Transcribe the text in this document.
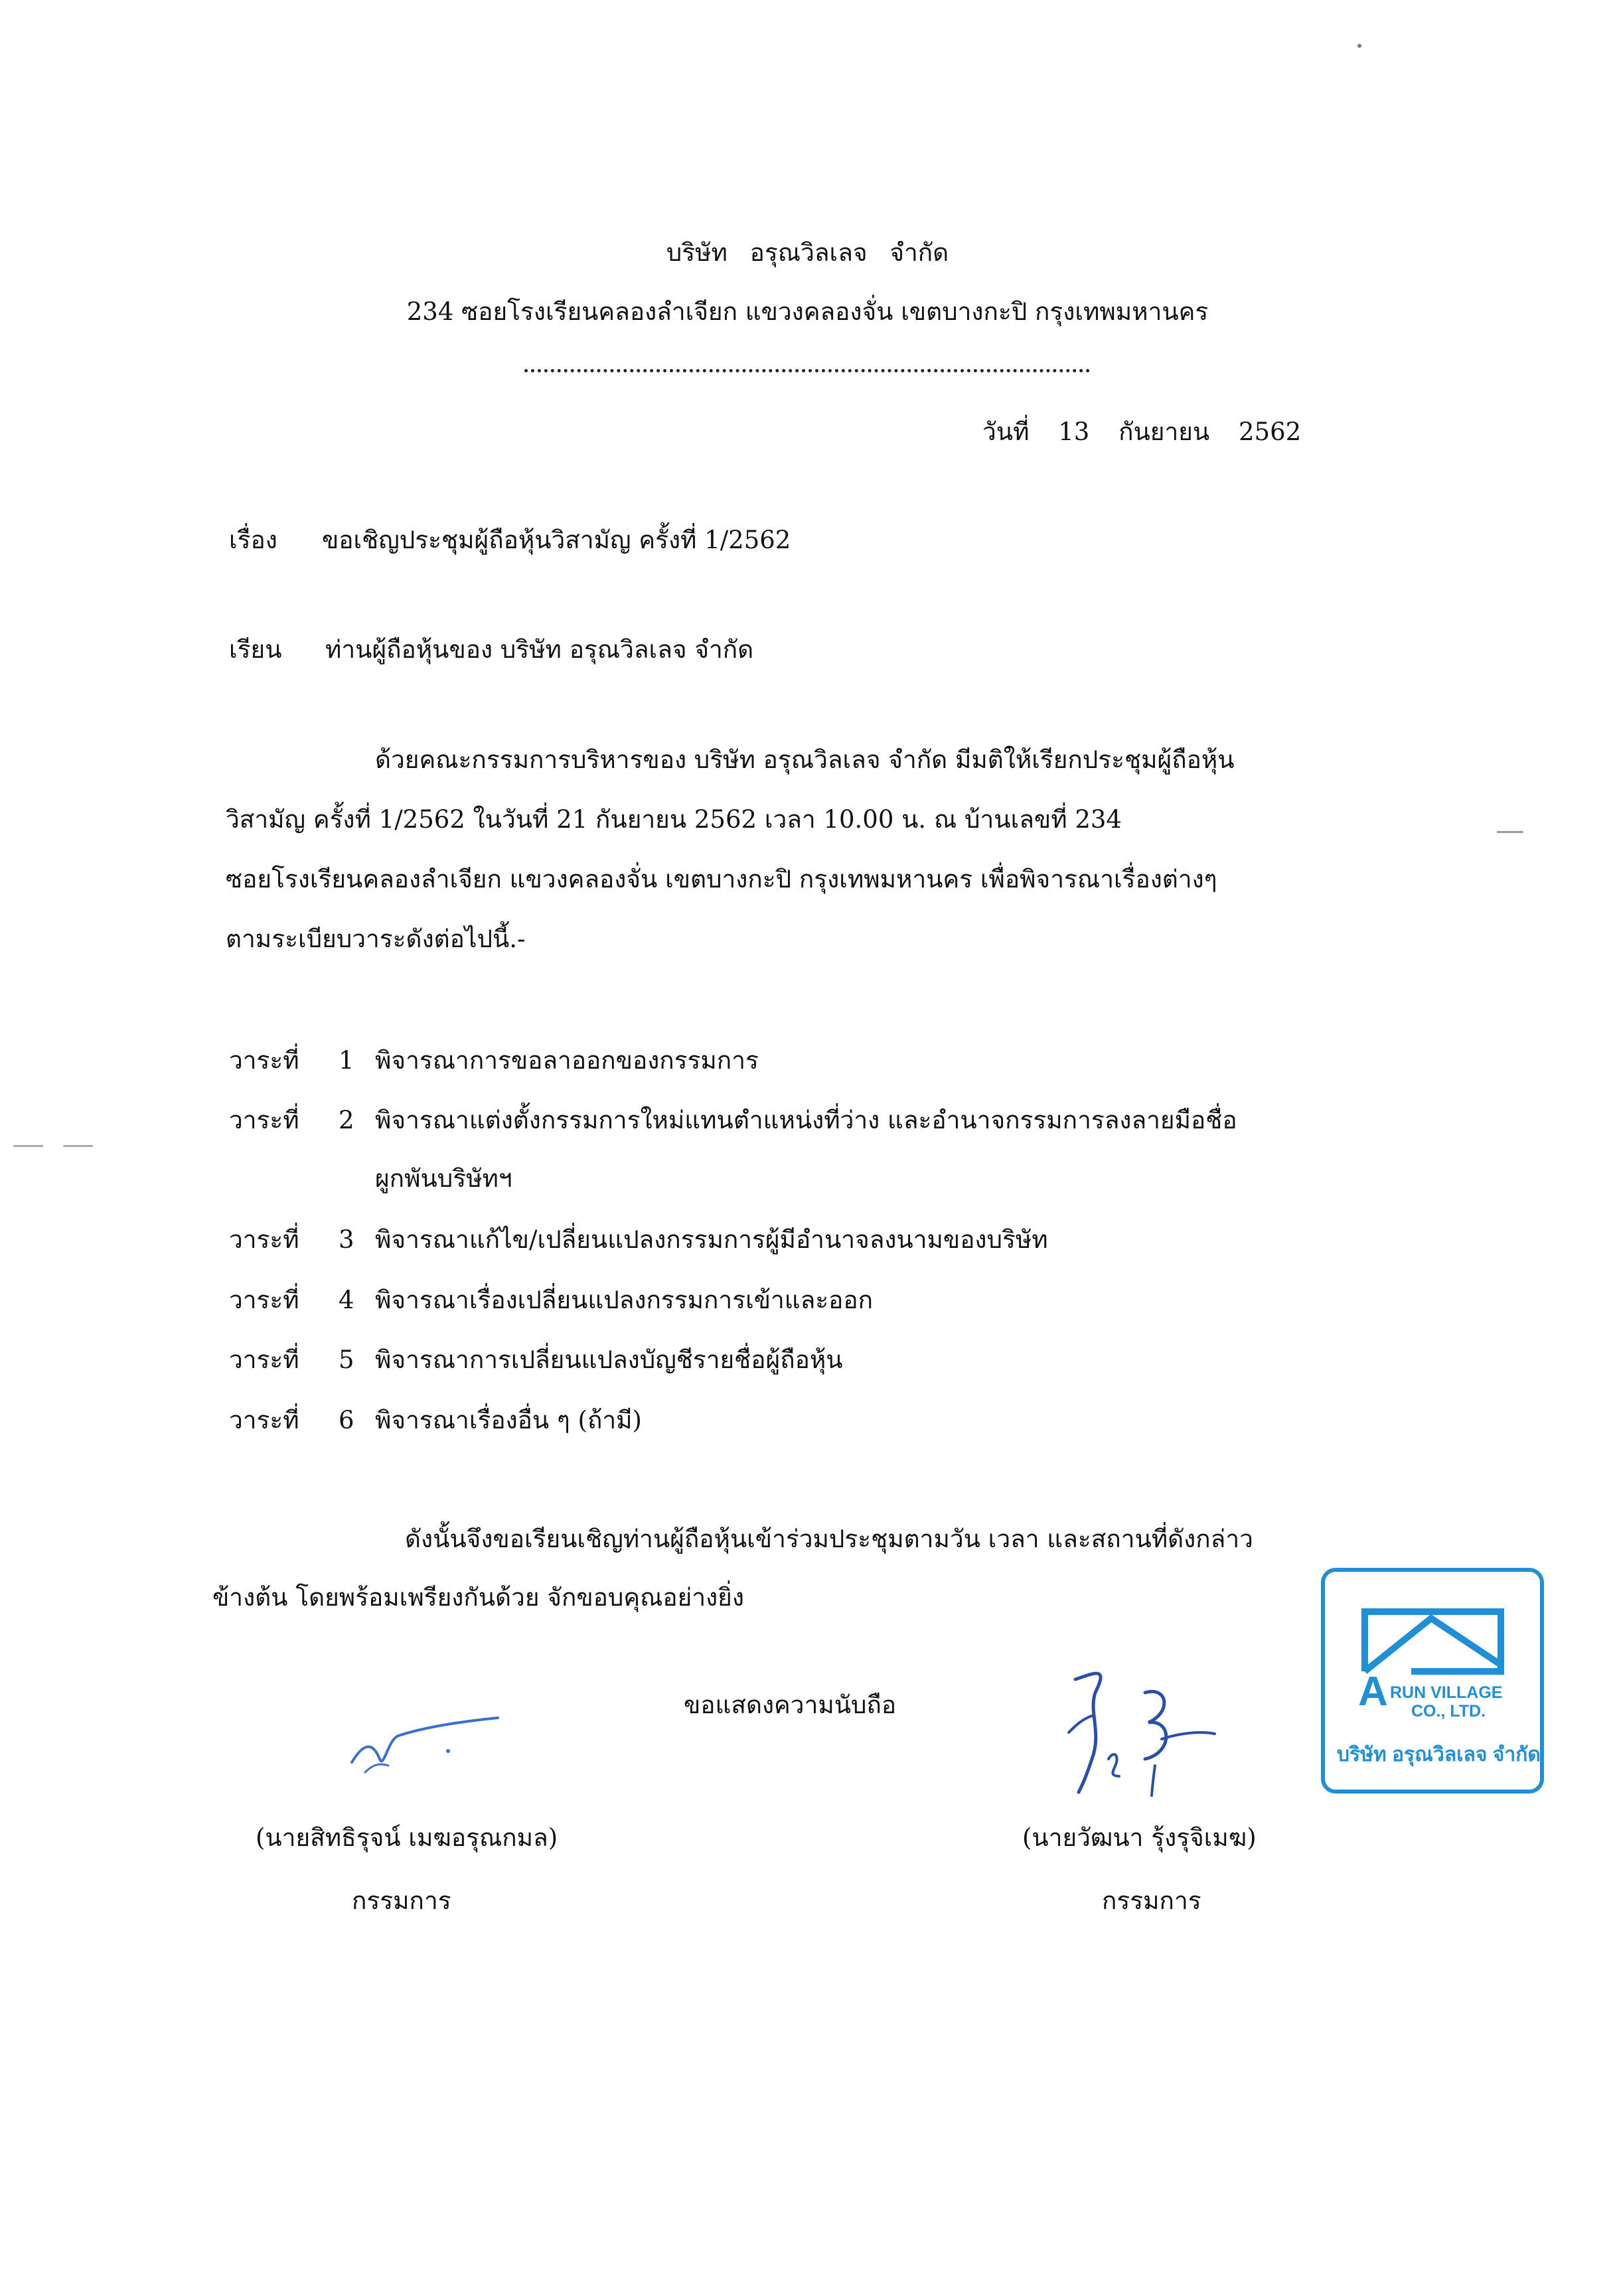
บริษัท อรุณวิลเลจ จำกัด
234 ซอยโรงเรียนคลองลำเจียก แขวงคลองจั่น เขตบางกะปิ กรุงเทพมหานคร
วันที่ 13 กันยายน 2562
เรื่อง ขอเชิญประชุมผู้ถือหุ้นวิสามัญ ครั้งที่ 1/2562
เรียน ท่านผู้ถือหุ้นของ บริษัท อรุณวิลเลจ จำกัด
ด้วยคณะกรรมการบริหารของ บริษัท อรุณวิลเลจ จำกัด มีมติให้เรียกประชุมผู้ถือหุ้น
วิสามัญ ครั้งที่ 1/2562 ในวันที่ 21 กันยายน 2562 เวลา 10.00 น. ณ บ้านเลขที่ 234
ซอยโรงเรียนคลองลำเจียก แขวงคลองจั่น เขตบางกะปิ กรุงเทพมหานคร เพื่อพิจารณาเรื่องต่างๆ
ตามระเบียบวาระดังต่อไปนี้.-
วาระที่ 1 พิจารณาการขอลาออกของกรรมการ
วาระที่ 2 พิจารณาแต่งตั้งกรรมการใหม่แทนตำแหน่งที่ว่าง และอำนาจกรรมการลงลายมือชื่อ
ผูกพันบริษัทฯ
วาระที่ 3 พิจารณาแก้ไข/เปลี่ยนแปลงกรรมการผู้มีอำนาจลงนามของบริษัท
วาระที่ 4 พิจารณาเรื่องเปลี่ยนแปลงกรรมการเข้าและออก
วาระที่ 5 พิจารณาการเปลี่ยนแปลงบัญชีรายชื่อผู้ถือหุ้น
วาระที่ 6 พิจารณาเรื่องอื่น ๆ (ถ้ามี)
ดังนั้นจึงขอเรียนเชิญท่านผู้ถือหุ้นเข้าร่วมประชุมตามวัน เวลา และสถานที่ดังกล่าว
ข้างต้น โดยพร้อมเพรียงกันด้วย จักขอบคุณอย่างยิ่ง
ขอแสดงความนับถือ	A RUN VILLAGE
CO., LTD.
บริษัท อรุณวิลเลจ จำกัด
(นายสิทธิรุจน์ เมฆอรุณกมล)
กรรมการ
(นายวัฒนา รุ้งรุจิเมฆ)
กรรมการ
